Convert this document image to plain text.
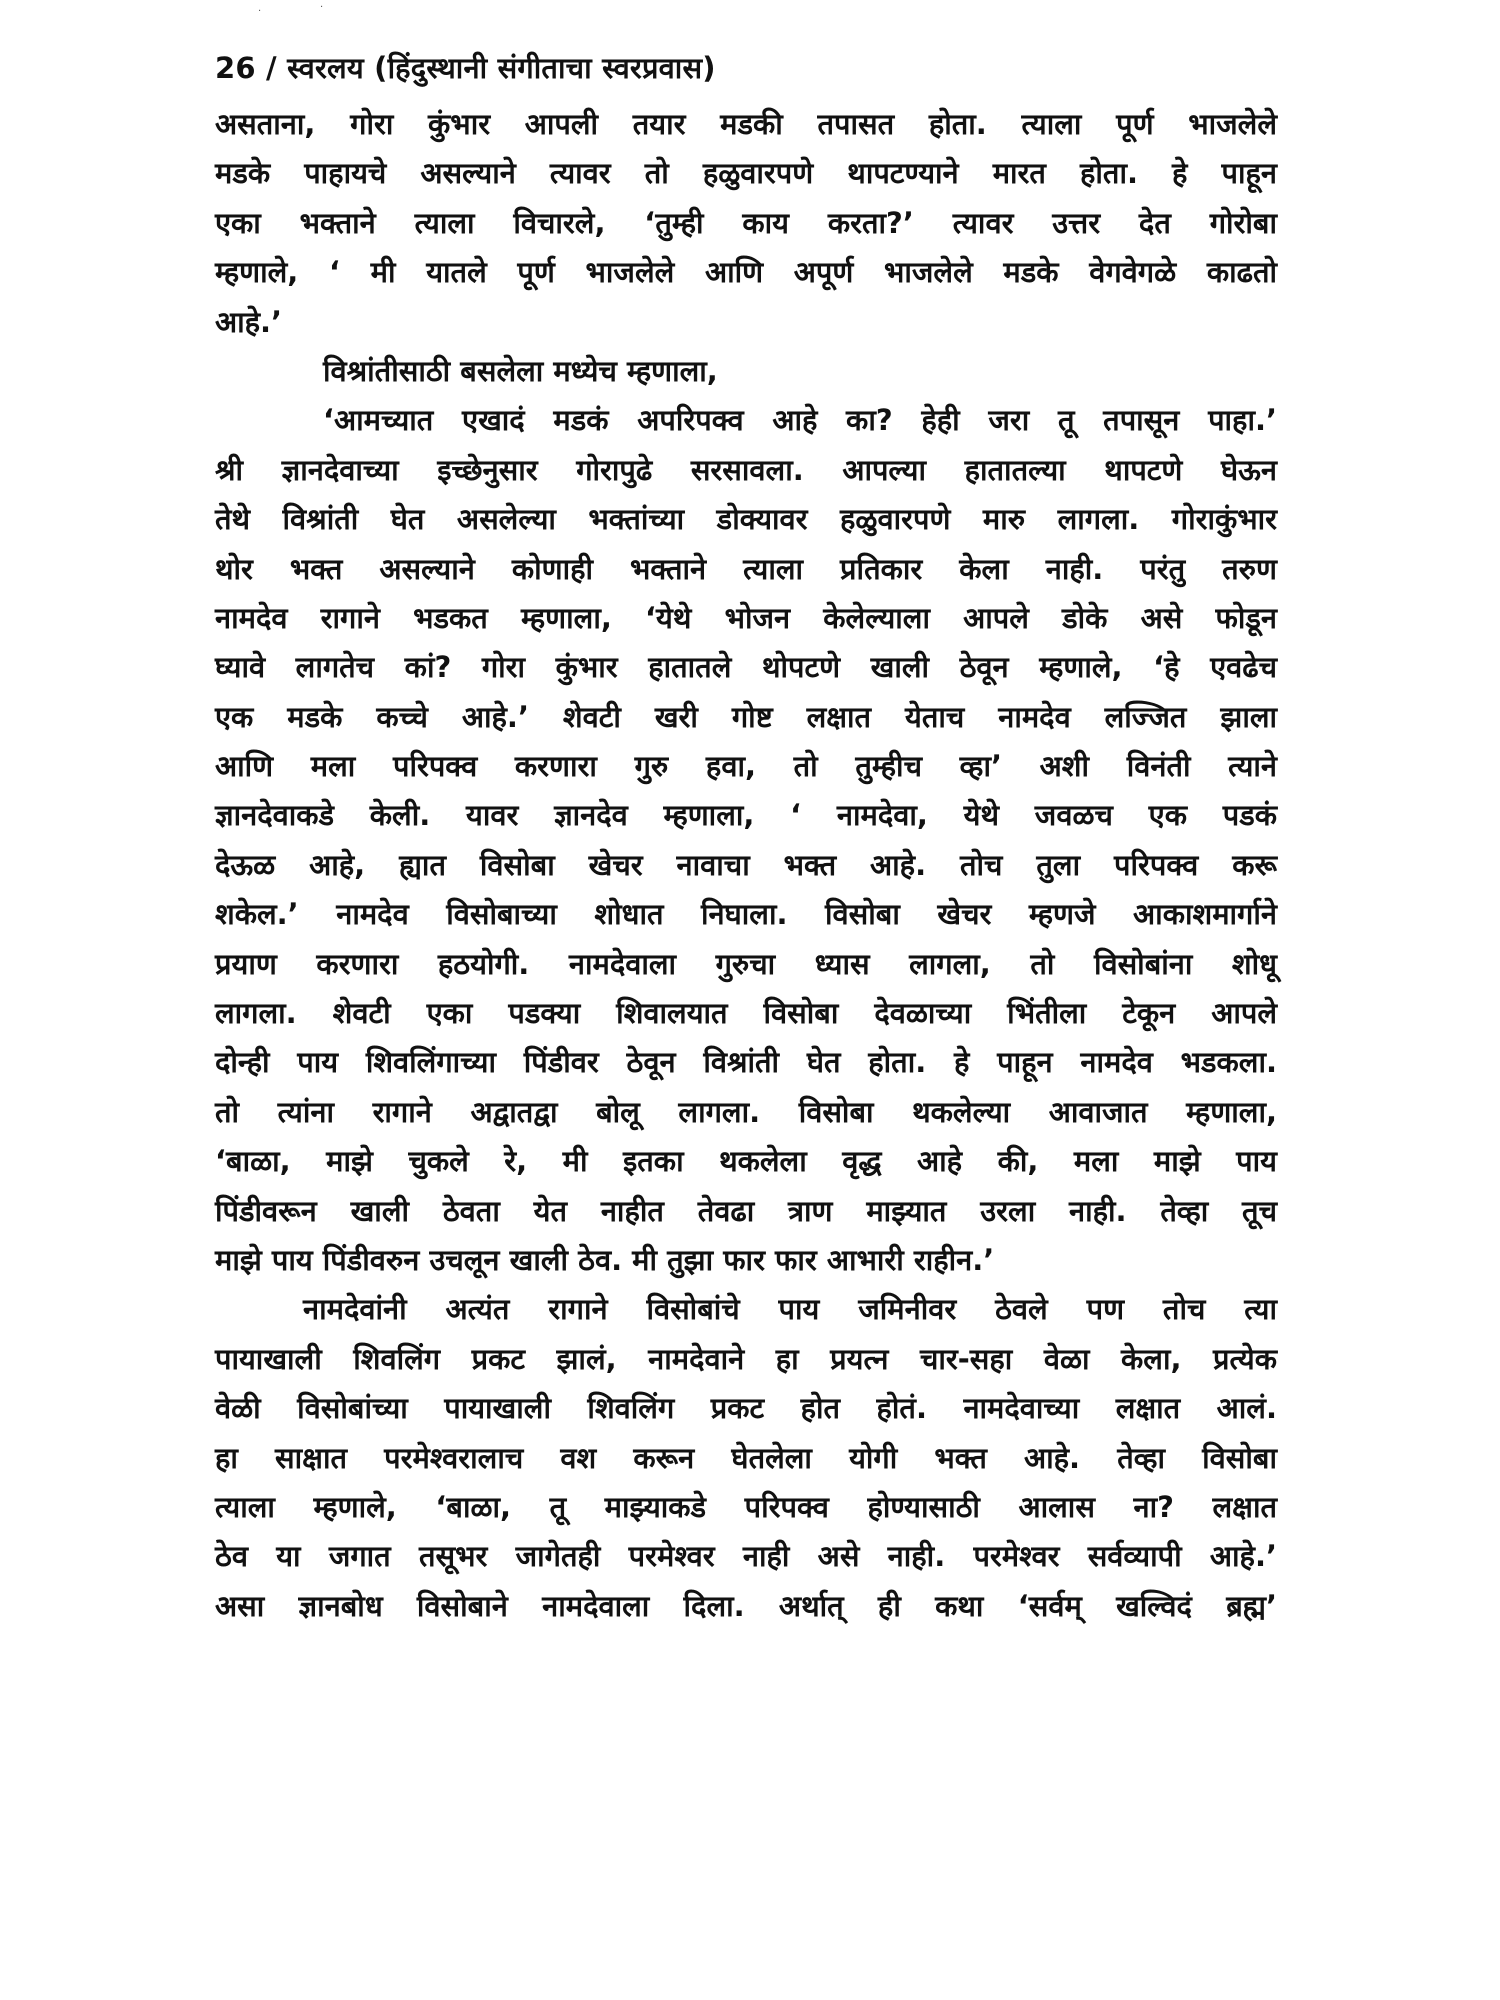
·	·
26 / स्वरलय (हिंदुस्थानी संगीताचा स्वरप्रवास)
असताना, गोरा कुंभार आपली तयार मडकी तपासत होता. त्याला पूर्ण भाजलेले
मडके पाहायचे असल्याने त्यावर तो हळुवारपणे थापटण्याने मारत होता. हे पाहून
एका भक्ताने त्याला विचारले, ‘तुम्ही काय करता?’ त्यावर उत्तर देत गोरोबा
म्हणाले, ‘ मी यातले पूर्ण भाजलेले आणि अपूर्ण भाजलेले मडके वेगवेगळे काढतो
आहे.’
विश्रांतीसाठी बसलेला मध्येच म्हणाला,
‘आमच्यात एखादं मडकं अपरिपक्व आहे का? हेही जरा तू तपासून पाहा.’
श्री ज्ञानदेवाच्या इच्छेनुसार गोरापुढे सरसावला. आपल्या हातातल्या थापटणे घेऊन
तेथे विश्रांती घेत असलेल्या भक्तांच्या डोक्यावर हळुवारपणे मारु लागला. गोराकुंभार
थोर भक्त असल्याने कोणाही भक्ताने त्याला प्रतिकार केला नाही. परंतु तरुण
नामदेव रागाने भडकत म्हणाला, ‘येथे भोजन केलेल्याला आपले डोके असे फोडून
घ्यावे लागतेच कां? गोरा कुंभार हातातले थोपटणे खाली ठेवून म्हणाले, ‘हे एवढेच
एक मडके कच्चे आहे.’ शेवटी खरी गोष्ट लक्षात येताच नामदेव लज्जित झाला
आणि मला परिपक्व करणारा गुरु हवा, तो तुम्हीच व्हा’ अशी विनंती त्याने
ज्ञानदेवाकडे केली. यावर ज्ञानदेव म्हणाला, ‘ नामदेवा, येथे जवळच एक पडकं
देऊळ आहे, ह्यात विसोबा खेचर नावाचा भक्त आहे. तोच तुला परिपक्व करू
शकेल.’ नामदेव विसोबाच्या शोधात निघाला. विसोबा खेचर म्हणजे आकाशमार्गाने
प्रयाण करणारा हठयोगी. नामदेवाला गुरुचा ध्यास लागला, तो विसोबांना शोधू
लागला. शेवटी एका पडक्या शिवालयात विसोबा देवळाच्या भिंतीला टेकून आपले
दोन्ही पाय शिवलिंगाच्या पिंडीवर ठेवून विश्रांती घेत होता. हे पाहून नामदेव भडकला.
तो त्यांना रागाने अद्वातद्वा बोलू लागला. विसोबा थकलेल्या आवाजात म्हणाला,
‘बाळा, माझे चुकले रे, मी इतका थकलेला वृद्ध आहे की, मला माझे पाय
पिंडीवरून खाली ठेवता येत नाहीत तेवढा त्राण माझ्यात उरला नाही. तेव्हा तूच
माझे पाय पिंडीवरुन उचलून खाली ठेव. मी तुझा फार फार आभारी राहीन.’
नामदेवांनी अत्यंत रागाने विसोबांचे पाय जमिनीवर ठेवले पण तोच त्या
पायाखाली शिवलिंग प्रकट झालं, नामदेवाने हा प्रयत्न चार-सहा वेळा केला, प्रत्येक
वेळी विसोबांच्या पायाखाली शिवलिंग प्रकट होत होतं. नामदेवाच्या लक्षात आलं.
हा साक्षात परमेश्वरालाच वश करून घेतलेला योगी भक्त आहे. तेव्हा विसोबा
त्याला म्हणाले, ‘बाळा, तू माझ्याकडे परिपक्व होण्यासाठी आलास ना? लक्षात
ठेव या जगात तसूभर जागेतही परमेश्वर नाही असे नाही. परमेश्वर सर्वव्यापी आहे.’
असा ज्ञानबोध विसोबाने नामदेवाला दिला. अर्थात् ही कथा ‘सर्वम् खल्विदं ब्रह्म’
